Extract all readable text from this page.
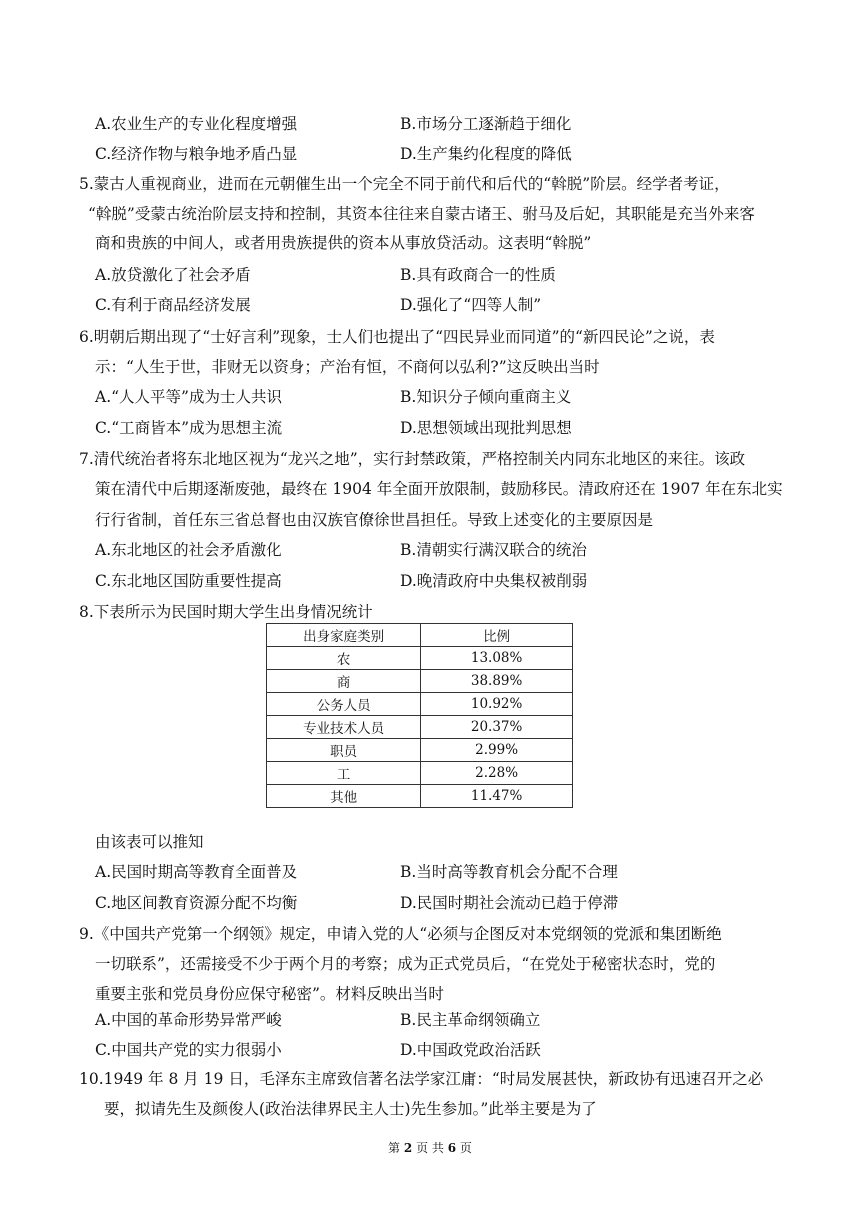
A.农业生产的专业化程度增强	B.市场分工逐渐趋于细化
C.经济作物与粮争地矛盾凸显	D.生产集约化程度的降低
5.蒙古人重视商业，进而在元朝催生出一个完全不同于前代和后代的“斡脱”阶层。经学者考证，
“斡脱”受蒙古统治阶层支持和控制，其资本往往来自蒙古诸王、驸马及后妃，其职能是充当外来客
商和贵族的中间人，或者用贵族提供的资本从事放贷活动。这表明“斡脱”
A.放贷激化了社会矛盾	B.具有政商合一的性质
C.有利于商品经济发展	D.强化了“四等人制”
6.明朝后期出现了“士好言利”现象，士人们也提出了“四民异业而同道”的“新四民论”之说，表
示：“人生于世，非财无以资身；产治有恒，不商何以弘利?”这反映出当时
A.“人人平等”成为士人共识	B.知识分子倾向重商主义
C.“工商皆本”成为思想主流	D.思想领域出现批判思想
7.清代统治者将东北地区视为“龙兴之地”，实行封禁政策，严格控制关内同东北地区的来往。该政
策在清代中后期逐渐废弛，最终在 1904 年全面开放限制，鼓励移民。清政府还在 1907 年在东北实
行行省制，首任东三省总督也由汉族官僚徐世昌担任。导致上述变化的主要原因是
A.东北地区的社会矛盾激化	B.清朝实行满汉联合的统治
C.东北地区国防重要性提高	D.晚清政府中央集权被削弱
8.下表所示为民国时期大学生出身情况统计
出身家庭类别	比例
农	13.08%
商	38.89%
公务人员	10.92%
专业技术人员	20.37%
职员	2.99%
工	2.28%
其他	11.47%
由该表可以推知
A.民国时期高等教育全面普及	B.当时高等教育机会分配不合理
C.地区间教育资源分配不均衡	D.民国时期社会流动已趋于停滞
9.《中国共产党第一个纲领》规定，申请入党的人“必须与企图反对本党纲领的党派和集团断绝
一切联系”，还需接受不少于两个月的考察；成为正式党员后，“在党处于秘密状态时，党的
重要主张和党员身份应保守秘密”。材料反映出当时
A.中国的革命形势异常严峻	B.民主革命纲领确立
C.中国共产党的实力很弱小	D.中国政党政治活跃
10.1949 年 8 月 19 日，毛泽东主席致信著名法学家江庸：“时局发展甚快，新政协有迅速召开之必
要，拟请先生及颜俊人(政治法律界民主人士)先生参加。”此举主要是为了
第 2 页 共 6 页
